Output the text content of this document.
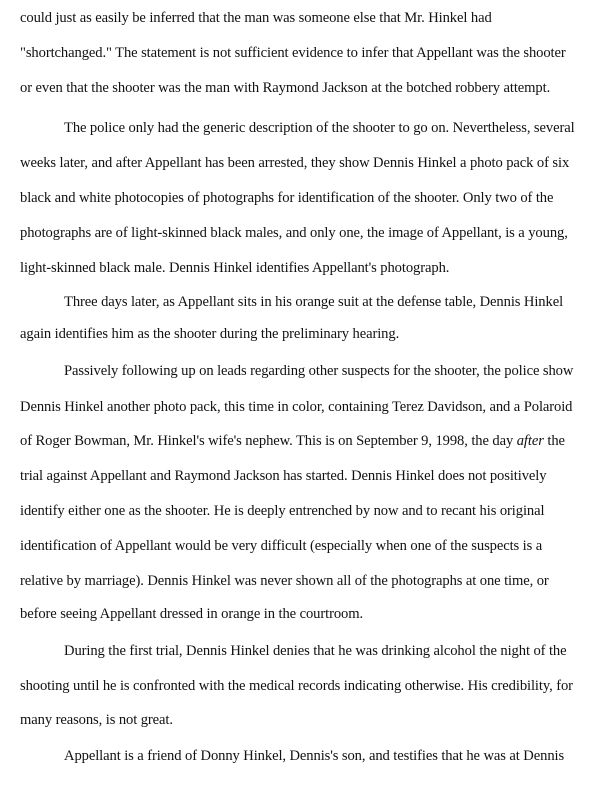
could just as easily be inferred that the man was someone else that Mr. Hinkel had
"shortchanged." The statement is not sufficient evidence to infer that Appellant was the shooter
or even that the shooter was the man with Raymond Jackson at the botched robbery attempt.
The police only had the generic description of the shooter to go on. Nevertheless, several
weeks later, and after Appellant has been arrested, they show Dennis Hinkel a photo pack of six
black and white photocopies of photographs for identification of the shooter. Only two of the
photographs are of light-skinned black males, and only one, the image of Appellant, is a young,
light-skinned black male. Dennis Hinkel identifies Appellant's photograph.
Three days later, as Appellant sits in his orange suit at the defense table, Dennis Hinkel
again identifies him as the shooter during the preliminary hearing.
Passively following up on leads regarding other suspects for the shooter, the police show
Dennis Hinkel another photo pack, this time in color, containing Terez Davidson, and a Polaroid
of Roger Bowman, Mr. Hinkel's wife's nephew. This is on September 9, 1998, the day after the
trial against Appellant and Raymond Jackson has started. Dennis Hinkel does not positively
identify either one as the shooter. He is deeply entrenched by now and to recant his original
identification of Appellant would be very difficult (especially when one of the suspects is a
relative by marriage). Dennis Hinkel was never shown all of the photographs at one time, or
before seeing Appellant dressed in orange in the courtroom.
During the first trial, Dennis Hinkel denies that he was drinking alcohol the night of the
shooting until he is confronted with the medical records indicating otherwise. His credibility, for
many reasons, is not great.
Appellant is a friend of Donny Hinkel, Dennis's son, and testifies that he was at Dennis
